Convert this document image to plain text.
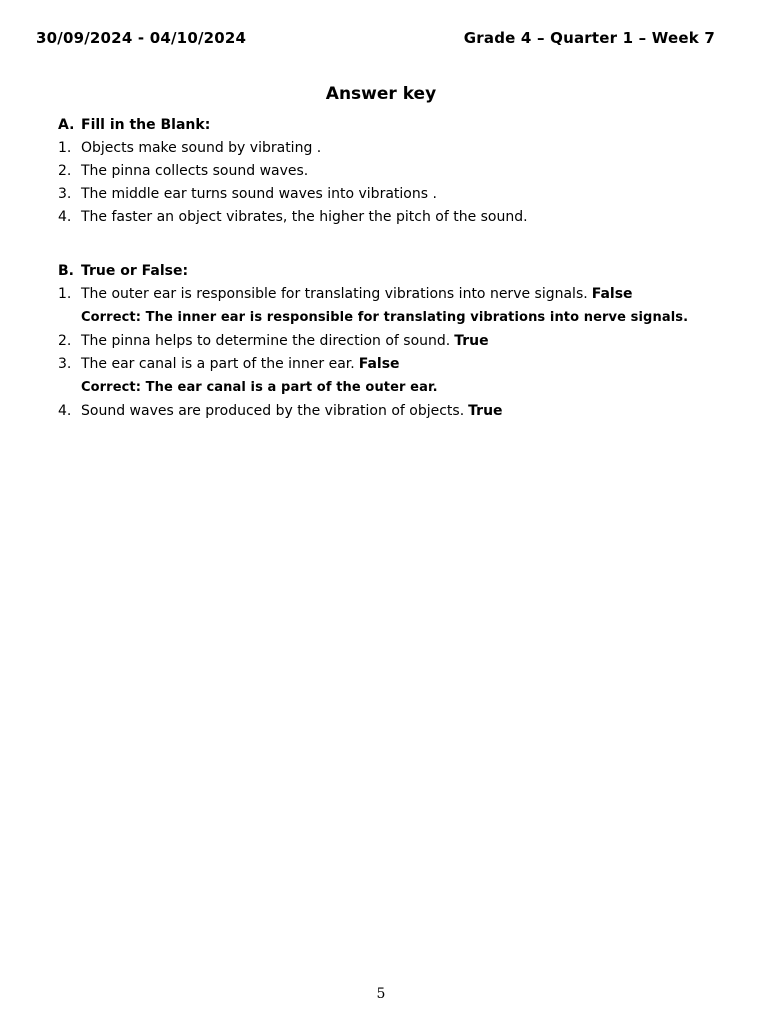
30/09/2024 - 04/10/2024	Grade 4 – Quarter 1 – Week 7
Answer key
A. Fill in the Blank:
1. Objects make sound by vibrating .
2. The pinna collects sound waves.
3. The middle ear turns sound waves into vibrations .
4. The faster an object vibrates, the higher the pitch of the sound.
B. True or False:
1. The outer ear is responsible for translating vibrations into nerve signals. False
Correct: The inner ear is responsible for translating vibrations into nerve signals.
2. The pinna helps to determine the direction of sound. True
3. The ear canal is a part of the inner ear. False
Correct: The ear canal is a part of the outer ear.
4. Sound waves are produced by the vibration of objects. True
5
